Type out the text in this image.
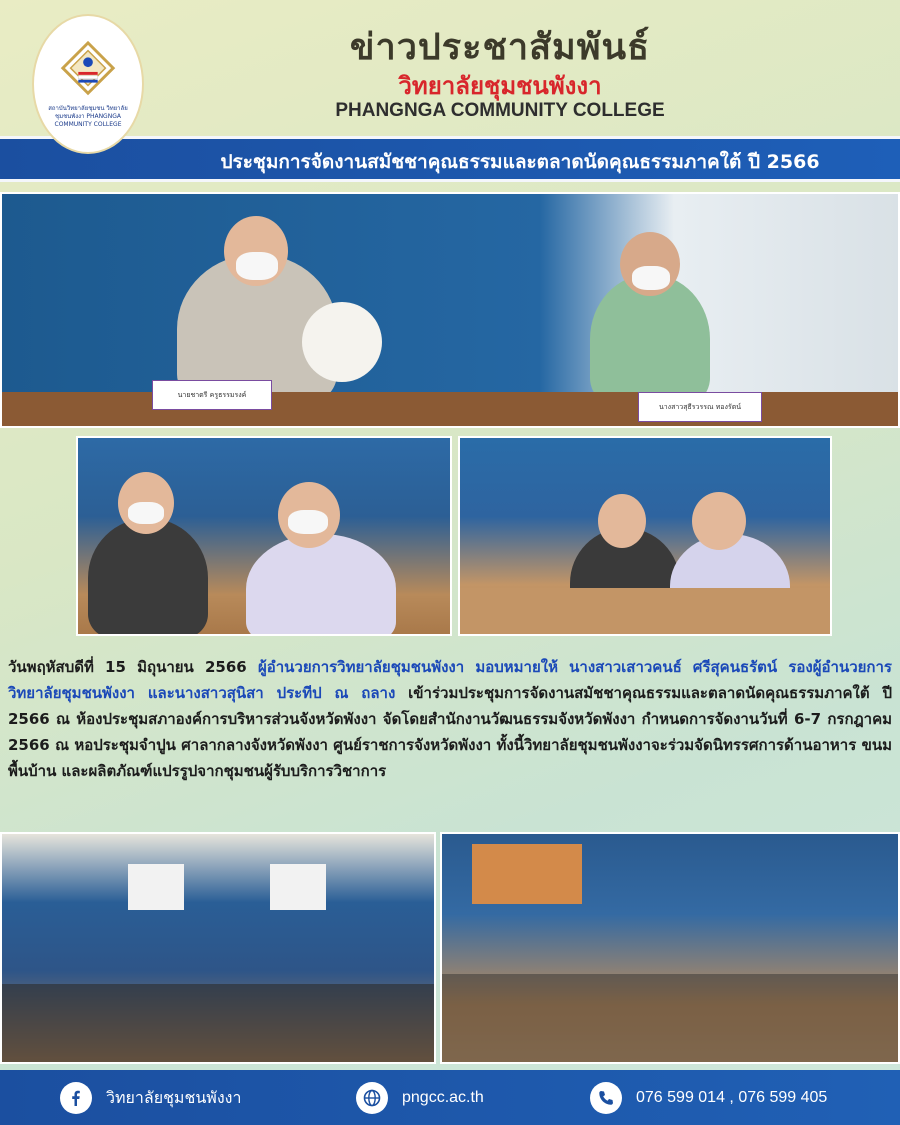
สถาบันวิทยาลัยชุมชน วิทยาลัยชุมชนพังงา PHANGNGA COMMUNITY COLLEGE
ข่าวประชาสัมพันธ์
วิทยาลัยชุมชนพังงา
PHANGNGA COMMUNITY COLLEGE
ประชุมการจัดงานสมัชชาคุณธรรมและตลาดนัดคุณธรรมภาคใต้ ปี 2566
นายชาตรี ครูธรรมรงค์
นางสาวสุธีรวรรณ ทองรัตน์
วันพฤหัสบดีที่ 15 มิถุนายน 2566 ผู้อำนวยการวิทยาลัยชุมชนพังงา มอบหมายให้ นางสาวเสาวคนธ์ ศรีสุคนธรัตน์ รองผู้อำนวยการวิทยาลัยชุมชนพังงา และนางสาวสุนิสา ประทีป ณ ถลาง เข้าร่วมประชุมการจัดงานสมัชชาคุณธรรมและตลาดนัดคุณธรรมภาคใต้ ปี 2566 ณ ห้องประชุมสภาองค์การบริหารส่วนจังหวัดพังงา จัดโดยสำนักงานวัฒนธรรมจังหวัดพังงา กำหนดการจัดงานวันที่ 6-7 กรกฎาคม 2566 ณ หอประชุมจำปูน ศาลากลางจังหวัดพังงา ศูนย์ราชการจังหวัดพังงา ทั้งนี้วิทยาลัยชุมชนพังงาจะร่วมจัดนิทรรศการด้านอาหาร ขนมพื้นบ้าน และผลิตภัณฑ์แปรรูปจากชุมชนผู้รับบริการวิชาการ
วิทยาลัยชุมชนพังงา	pngcc.ac.th	076 599 014 , 076 599 405
